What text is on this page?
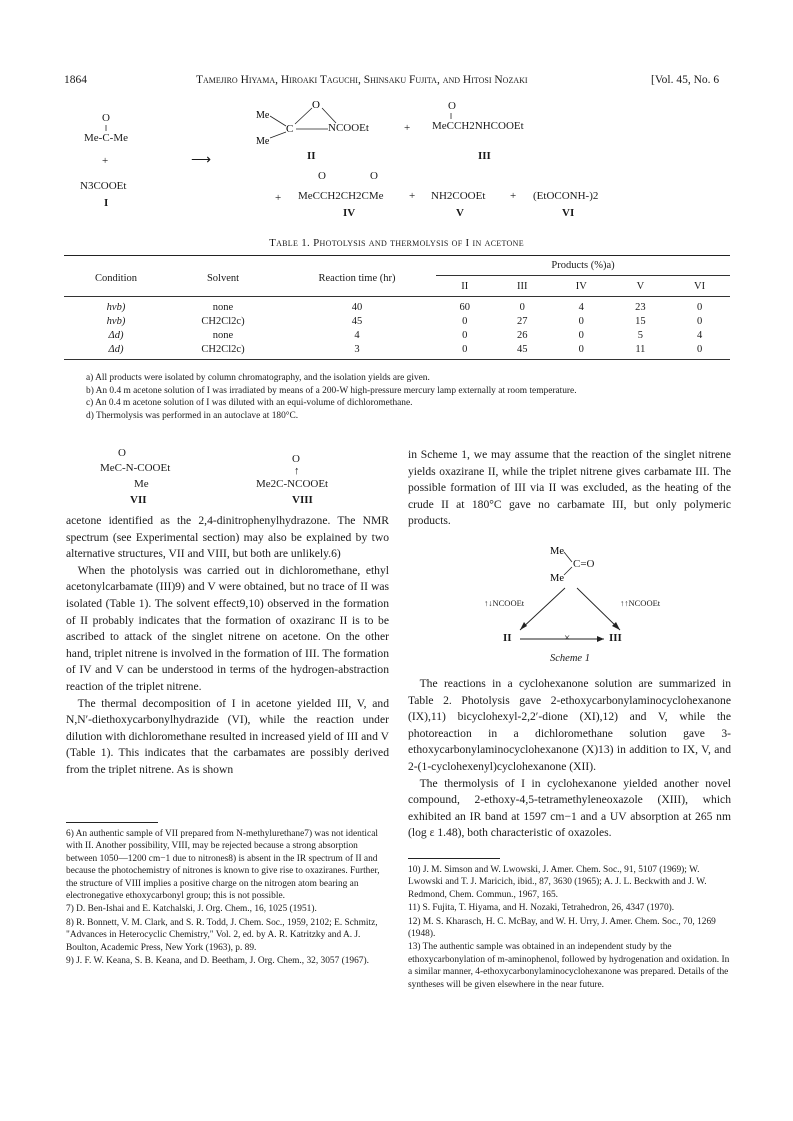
1864	Tamejiro Hiyama, Hiroaki Taguchi, Shinsaku Fujita, and Hitosi Nozaki	[Vol. 45, No. 6
O
‖
Me-C-Me
+	⟶
N3COOEt
I
Me
Me
O
C	NCOOEt
II
+
O
‖
MeCCH2NHCOOEt
III
+
O	O
MeCCH2CH2CMe
IV
+ NH2COOEt
V
+ (EtOCONH-)2
VI
Table 1. Photolysis and thermolysis of I in acetone
Condition	Solvent	Reaction time (hr)	Products (%)a)				
			II	III	IV	V	VI
hνb)	none	40	60	0	4	23	0
hνb)	CH2Cl2c)	45	0	27	0	15	0
Δd)	none	4	0	26	0	5	4
Δd)	CH2Cl2c)	3	0	45	0	11	0

a) All products were isolated by column chromatography, and the isolation yields are given.

b) An 0.4 m acetone solution of I was irradiated by means of a 200-W high-pressure mercury lamp externally at room temperature.

c) An 0.4 m acetone solution of I was diluted with an equi-volume of dichloromethane.

d) Thermolysis was performed in an autoclave at 180°C.

O
MeC-N-COOEt
Me
VII
O
↑
Me2C-NCOOEt
VIII

acetone identified as the 2,4-dinitrophenylhydrazone. The NMR spectrum (see Experimental section) may also be explained by two alternative structures, VII and VIII, but both are unlikely.6)

When the photolysis was carried out in dichloromethane, ethyl acetonylcarbamate (III)9) and V were obtained, but no trace of II was isolated (Table 1). The solvent effect9,10) observed in the formation of II probably indicates that the formation of oxaziranc II is to be ascribed to attack of the singlet nitrene on acetone. On the other hand, triplet nitrene is involved in the formation of III. The formation of IV and V can be understood in terms of the hydrogen-abstraction reaction of the triplet nitrene.

The thermal decomposition of I in acetone yielded III, V, and N,N′-diethoxycarbonylhydrazide (VI), while the reaction under dilution with dichloromethane resulted in increased yield of III and V (Table 1). This indicates that the carbamates are possibly derived from the triplet nitrene. As is shown

in Scheme 1, we may assume that the reaction of the singlet nitrene yields oxazirane II, while the triplet nitrene gives carbamate III. The possible formation of III via II was excluded, as the heating of the crude II at 180°C gave no carbamate III, but only polymeric products.
Me
Me
C=O
↑↓NCOOEt	↑↑NCOOEt
II	×	III
Scheme 1

The reactions in a cyclohexanone solution are summarized in Table 2. Photolysis gave 2-ethoxycarbonylaminocyclohexanone (IX),11) bicyclohexyl-2,2′-dione (XI),12) and V, while the photoreaction in a dichloromethane solution gave 3-ethoxycarbonylaminocyclohexanone (X)13) in addition to IX, V, and 2-(1-cyclohexenyl)cyclohexanone (XII).

The thermolysis of I in cyclohexanone yielded another novel compound, 2-ethoxy-4,5-tetramethyleneoxazole (XIII), which exhibited an IR band at 1597 cm−1 and a UV absorption at 265 nm (log ε 1.48), both characteristic of oxazoles.

6) An authentic sample of VII prepared from N-methylurethane7) was not identical with II. Another possibility, VIII, may be rejected because a strong absorption between 1050—1200 cm−1 due to nitrones8) is absent in the IR spectrum of II and because the photochemistry of nitrones is known to give rise to oxaziranes. Further, the structure of VIII implies a positive charge on the nitrogen atom bearing an electronegative ethoxycarbonyl group; this is not possible.

7) D. Ben-Ishai and E. Katchalski, J. Org. Chem., 16, 1025 (1951).

8) R. Bonnett, V. M. Clark, and S. R. Todd, J. Chem. Soc., 1959, 2102; E. Schmitz, "Advances in Heterocyclic Chemistry," Vol. 2, ed. by A. R. Katritzky and A. J. Boulton, Academic Press, New York (1963), p. 89.

9) J. F. W. Keana, S. B. Keana, and D. Beetham, J. Org. Chem., 32, 3057 (1967).

10) J. M. Simson and W. Lwowski, J. Amer. Chem. Soc., 91, 5107 (1969); W. Lwowski and T. J. Maricich, ibid., 87, 3630 (1965); A. J. L. Beckwith and J. W. Redmond, Chem. Commun., 1967, 165.

11) S. Fujita, T. Hiyama, and H. Nozaki, Tetrahedron, 26, 4347 (1970).

12) M. S. Kharasch, H. C. McBay, and W. H. Urry, J. Amer. Chem. Soc., 70, 1269 (1948).

13) The authentic sample was obtained in an independent study by the ethoxycarbonylation of m-aminophenol, followed by hydrogenation and oxidation. In a similar manner, 4-ethoxycarbonylaminocyclohexanone was prepared. Details of the syntheses will be given elsewhere in the near future.
